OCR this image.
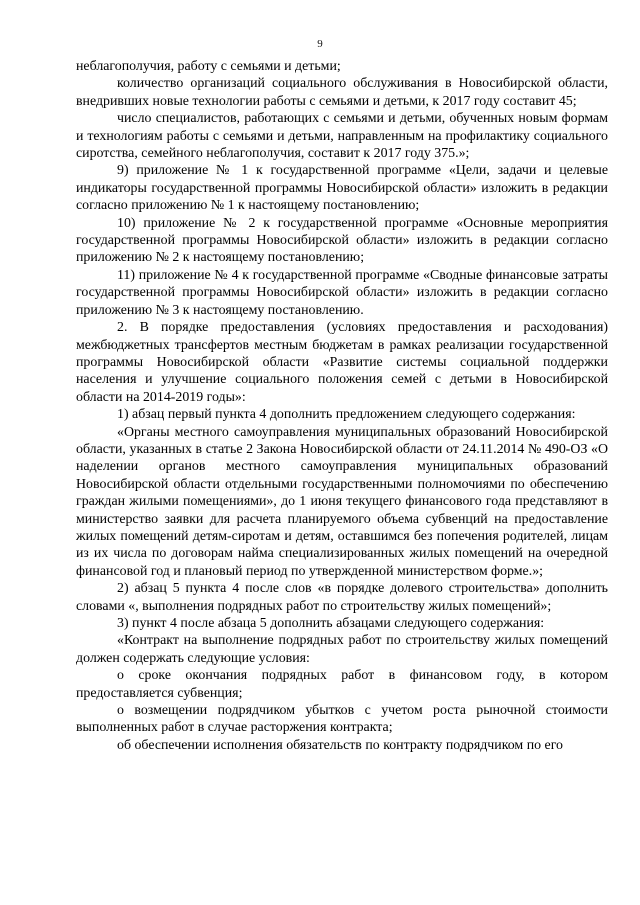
9

неблагополучия, работу с семьями и детьми;

количество организаций социального обслуживания в Новосибирской области, внедривших новые технологии работы с семьями и детьми, к 2017 году составит 45;

число специалистов, работающих с семьями и детьми, обученных новым формам и технологиям работы с семьями и детьми, направленным на профилактику социального сиротства, семейного неблагополучия, составит к 2017 году 375.»;

9) приложение № 1 к государственной программе «Цели, задачи и целевые индикаторы государственной программы Новосибирской области» изложить в редакции согласно приложению № 1 к настоящему постановлению;

10) приложение № 2 к государственной программе «Основные мероприятия государственной программы Новосибирской области» изложить в редакции согласно приложению № 2 к настоящему постановлению;

11) приложение № 4 к государственной программе «Сводные финансовые затраты государственной программы Новосибирской области» изложить в редакции согласно приложению № 3 к настоящему постановлению.

2. В порядке предоставления (условиях предоставления и расходования) межбюджетных трансфертов местным бюджетам в рамках реализации государственной программы Новосибирской области «Развитие системы социальной поддержки населения и улучшение социального положения семей с детьми в Новосибирской области на 2014-2019 годы»:

1) абзац первый пункта 4 дополнить предложением следующего содержания:

«Органы местного самоуправления муниципальных образований Новосибирской области, указанных в статье 2 Закона Новосибирской области от 24.11.2014 № 490-ОЗ «О наделении органов местного самоуправления муниципальных образований Новосибирской области отдельными государственными полномочиями по обеспечению граждан жилыми помещениями», до 1 июня текущего финансового года представляют в министерство заявки для расчета планируемого объема субвенций на предоставление жилых помещений детям-сиротам и детям, оставшимся без попечения родителей, лицам из их числа по договорам найма специализированных жилых помещений на очередной финансовой год и плановый период по утвержденной министерством форме.»;

2) абзац 5 пункта 4 после слов «в порядке долевого строительства» дополнить словами «, выполнения подрядных работ по строительству жилых помещений»;

3) пункт 4 после абзаца 5 дополнить абзацами следующего содержания:

«Контракт на выполнение подрядных работ по строительству жилых помещений должен содержать следующие условия:

о сроке окончания подрядных работ в финансовом году, в котором предоставляется субвенция;

о возмещении подрядчиком убытков с учетом роста рыночной стоимости выполненных работ в случае расторжения контракта;

об обеспечении исполнения обязательств по контракту подрядчиком по его
